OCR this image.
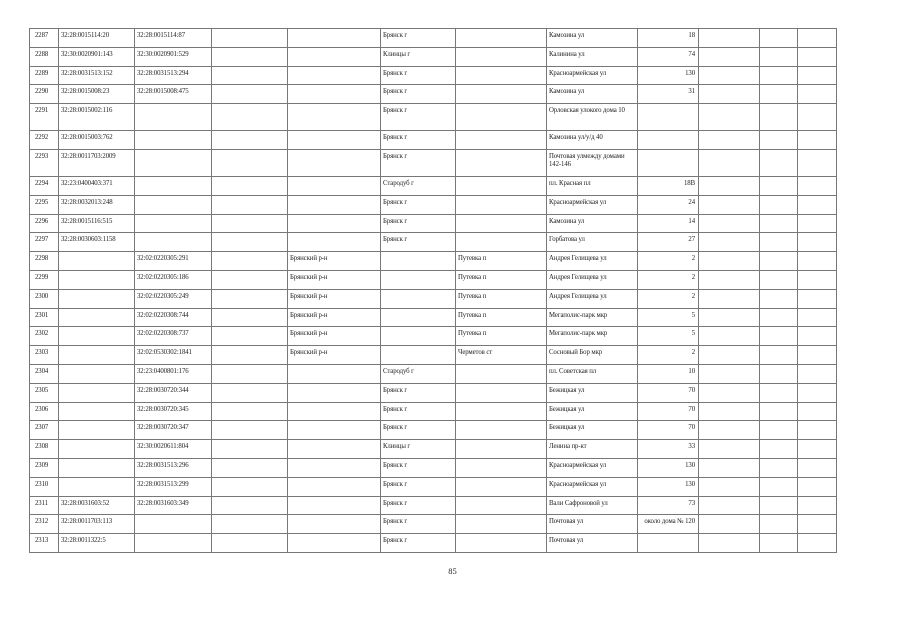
2287	32:28:0015114:20	32:28:0015114:87			Брянск г		Камозина ул	18			
2288	32:30:0020901:143	32:30:0020901:529			Клинцы г		Калинина ул	74			
2289	32:28:0031513:152	32:28:0031513:294			Брянск г		Красноармейская ул	130			
2290	32:28:0015008:23	32:28:0015008:475			Брянск г		Камозина ул	31			
2291	32:28:0015002:116				Брянск г		Орловская улокоro дома 10				
2292	32:28:0015003:762				Брянск г		Камозина ул/у/д 40				
2293	32:28:0011703:2009				Брянск г		Почтовая улмежду домами 142-146				
2294	32:23:0400403:371				Стародуб г		пл. Красная пл	18В			
2295	32:28:0032013:248				Брянск г		Красноармейская ул	24			
2296	32:28:0015116:515				Брянск г		Камозина ул	14			
2297	32:28:0030603:1158				Брянск г		Горбатова ул	27			
2298		32:02:0220305:291		Брянский р-н		Путевка п	Андрея Гелищева ул	2			
2299		32:02:0220305:186		Брянский р-н		Путевка п	Андрея Гелищева ул	2			
2300		32:02:0220305:249		Брянский р-н		Путевка п	Андрея Гелищева ул	2			
2301		32:02:0220308:744		Брянский р-н		Путевка п	Мегаполис-парк мкр	5			
2302		32:02:0220308:737		Брянский р-н		Путевка п	Мегаполис-парк мкр	5			
2303		32:02:0530302:1841		Брянский р-н		Черметов ст	Сосновый Бор мкр	2			
2304		32:23:0400801:176			Стародуб г		пл. Советская пл	10			
2305		32:28:0030720:344			Брянск г		Бежицкая ул	70			
2306		32:28:0030720:345			Брянск г		Бежицкая ул	70			
2307		32:28:0030720:347			Брянск г		Бежицкая ул	70			
2308		32:30:0020611:804			Клинцы г		Ленина пр-кт	33			
2309		32:28:0031513:296			Брянск г		Красноармейская ул	130			
2310		32:28:0031513:299			Брянск г		Красноармейская ул	130			
2311	32:28:0031603:52	32:28:0031603:349			Брянск г		Вали Сафроновой ул	73			
2312	32:28:0011703:113				Брянск г		Почтовая ул	около дома № 120			
2313	32:28:0011322:5				Брянск г		Почтовая ул				
85
